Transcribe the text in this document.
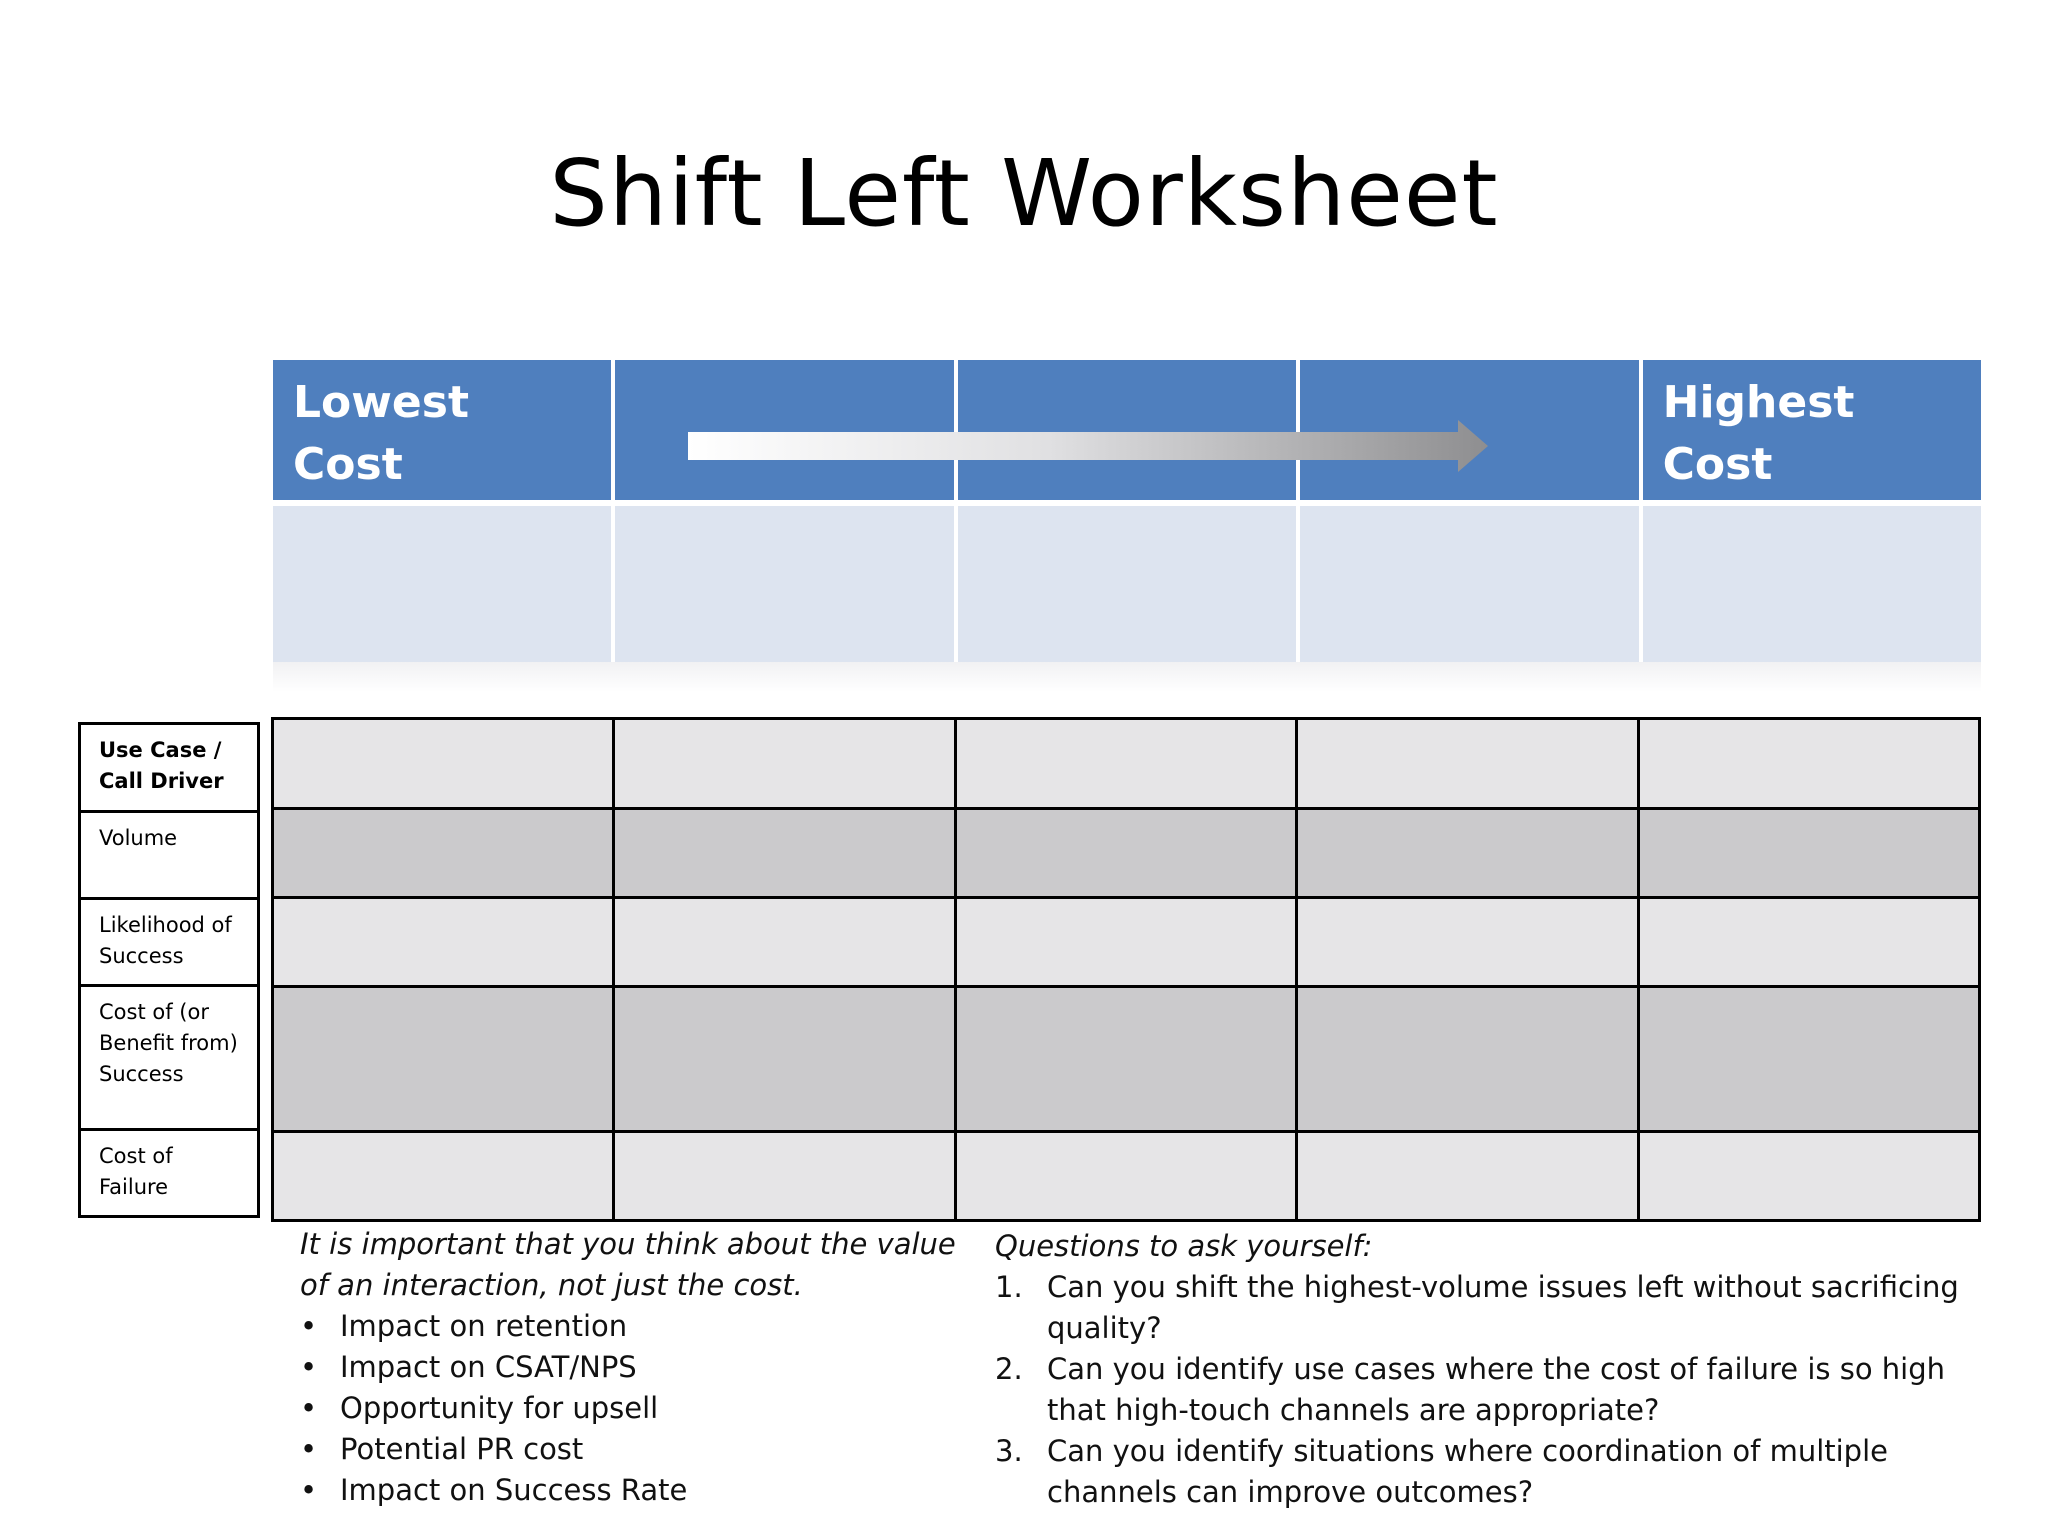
Shift Left Worksheet
Lowest Cost
Highest Cost
Use Case / Call Driver
Volume
Likelihood of Success
Cost of (or Benefit from) Success
Cost of Failure
It is important that you think about the value of an interaction, not just the cost.
• Impact on retention
• Impact on CSAT/NPS
• Opportunity for upsell
• Potential PR cost
• Impact on Success Rate
Questions to ask yourself:
1. Can you shift the highest-volume issues left without sacrificing quality?
2. Can you identify use cases where the cost of failure is so high that high-touch channels are appropriate?
3. Can you identify situations where coordination of multiple channels can improve outcomes?
